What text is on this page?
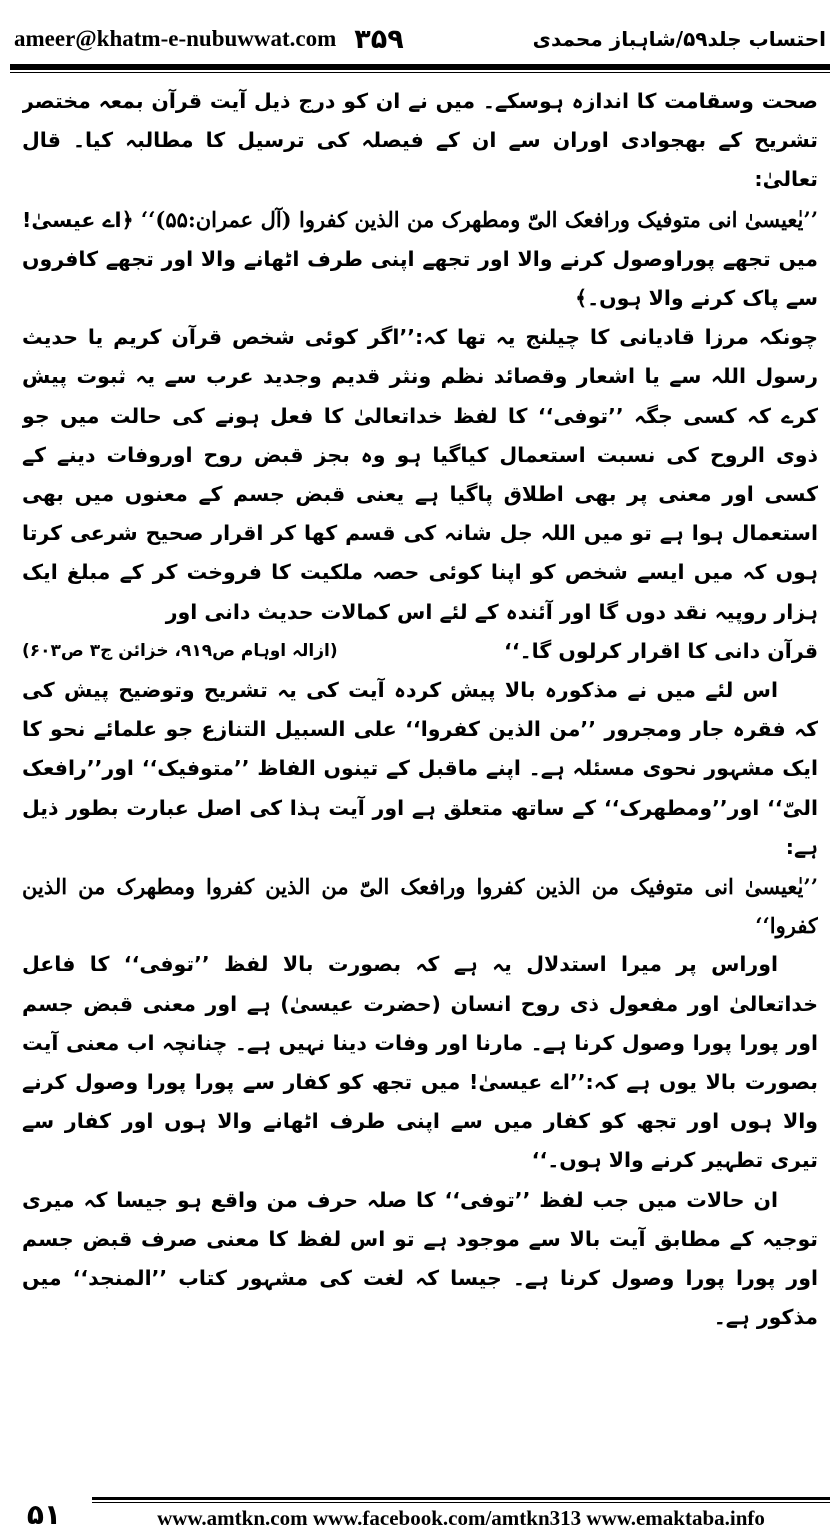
ameer@khatm-e-nubuwwat.com ۳۵۹	احتساب جلد۵۹/شاہباز محمدی

صحت وسقامت کا اندازہ ہوسکے۔ میں نے ان کو درج ذیل آیت قرآن بمعہ مختصر تشریح کے بھجوادی اوران سے ان کے فیصلہ کی ترسیل کا مطالبہ کیا۔ قال تعالیٰ:

’’یٰعیسیٰ انی متوفیک ورافعک الیّ ومطھرک من الذین کفروا (آل عمران:۵۵)‘‘ ﴿اے عیسیٰ! میں تجھے پوراوصول کرنے والا اور تجھے اپنی طرف اٹھانے والا اور تجھے کافروں سے پاک کرنے والا ہوں۔﴾

چونکہ مرزا قادیانی کا چیلنج یہ تھا کہ:’’اگر کوئی شخص قرآن کریم یا حدیث رسول اللہ سے یا اشعار وقصائد نظم ونثر قدیم وجدید عرب سے یہ ثبوت پیش کرے کہ کسی جگہ ’’توفی‘‘ کا لفظ خداتعالیٰ کا فعل ہونے کی حالت میں جو ذوی الروح کی نسبت استعمال کیاگیا ہو وہ بجز قبض روح اوروفات دینے کے کسی اور معنی پر بھی اطلاق پاگیا ہے یعنی قبض جسم کے معنوں میں بھی استعمال ہوا ہے تو میں اللہ جل شانہ کی قسم کھا کر اقرار صحیح شرعی کرتا ہوں کہ میں ایسے شخص کو اپنا کوئی حصہ ملکیت کا فروخت کر کے مبلغ ایک ہزار روپیہ نقد دوں گا اور آئندہ کے لئے اس کمالات حدیث دانی اور

قرآن دانی کا اقرار کرلوں گا۔‘‘
(ازالہ اوہام ص۹۱۹، خزائن ج۳ ص۶۰۳)

اس لئے میں نے مذکورہ بالا پیش کردہ آیت کی یہ تشریح وتوضیح پیش کی کہ فقرہ جار ومجرور ’’من الذین کفروا‘‘ علی السبیل التنازع جو علمائے نحو کا ایک مشہور نحوی مسئلہ ہے۔ اپنے ماقبل کے تینوں الفاظ ’’متوفیک‘‘ اور’’رافعک الیّ‘‘ اور’’ومطھرک‘‘ کے ساتھ متعلق ہے اور آیت ہذا کی اصل عبارت بطور ذیل ہے:

’’یٰعیسیٰ انی متوفیک من الذین کفروا ورافعک الیّ من الذین کفروا ومطھرک من الذین کفروا‘‘

اوراس پر میرا استدلال یہ ہے کہ بصورت بالا لفظ ’’توفی‘‘ کا فاعل خداتعالیٰ اور مفعول ذی روح انسان (حضرت عیسیٰ) ہے اور معنی قبض جسم اور پورا پورا وصول کرنا ہے۔ مارنا اور وفات دینا نہیں ہے۔ چنانچہ اب معنی آیت بصورت بالا یوں ہے کہ:’’اے عیسیٰ! میں تجھ کو کفار سے پورا پورا وصول کرنے والا ہوں اور تجھ کو کفار میں سے اپنی طرف اٹھانے والا ہوں اور کفار سے تیری تطہیر کرنے والا ہوں۔‘‘

ان حالات میں جب لفظ ’’توفی‘‘ کا صلہ حرف من واقع ہو جیسا کہ میری توجیہ کے مطابق آیت بالا سے موجود ہے تو اس لفظ کا معنی صرف قبض جسم اور پورا پورا وصول کرنا ہے۔ جیسا کہ لغت کی مشہور کتاب ’’المنجد‘‘ میں مذکور ہے۔

۵۱	www.amtkn.com www.facebook.com/amtkn313 www.emaktaba.info
